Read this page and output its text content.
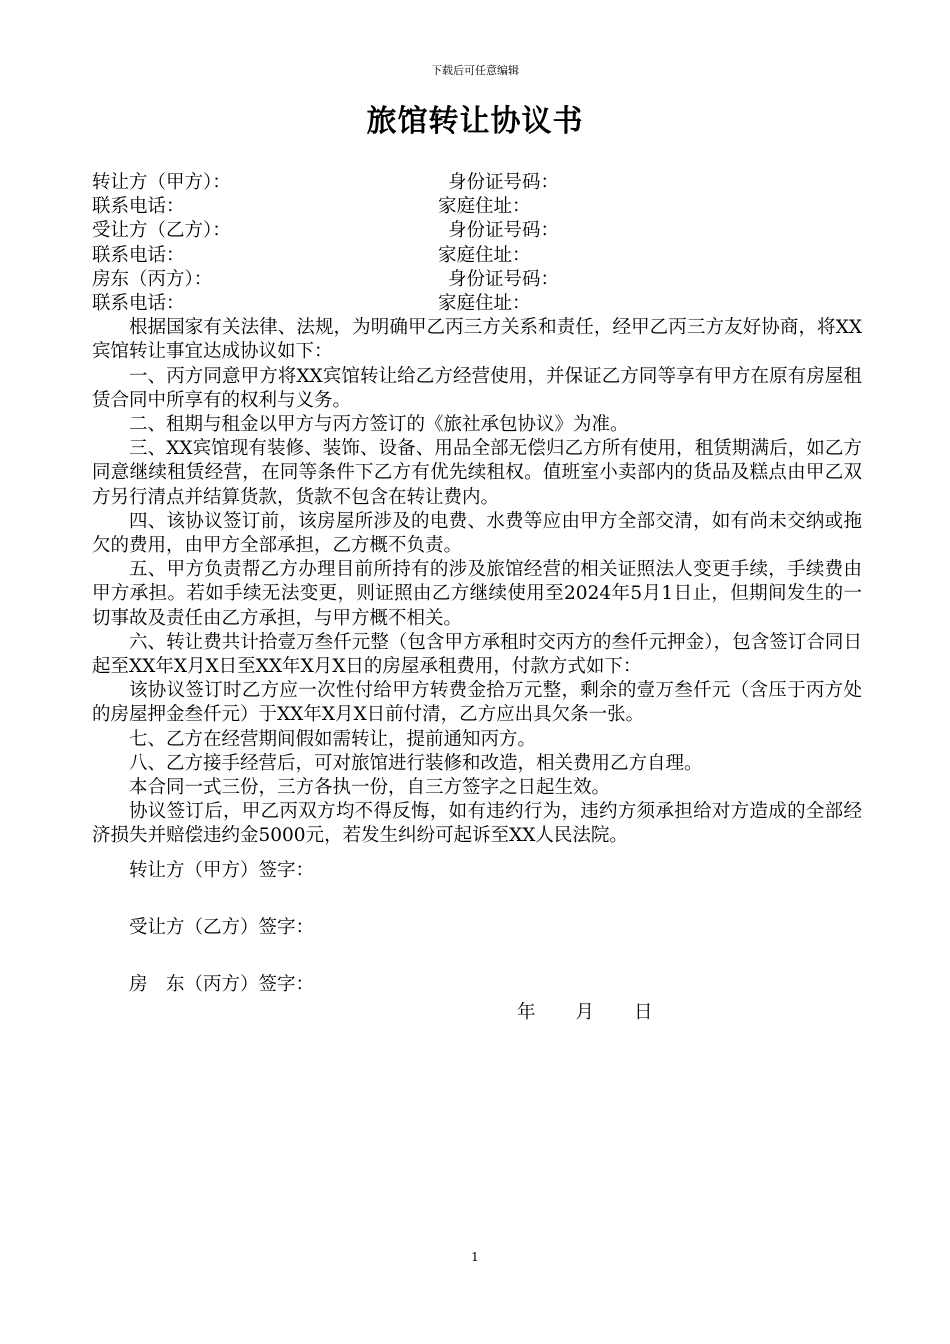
下载后可任意编辑
旅馆转让协议书
转让方（甲方）：	身份证号码：
联系电话：	家庭住址：
受让方（乙方）：	身份证号码：
联系电话：	家庭住址：
房东（丙方）：	身份证号码：
联系电话：	家庭住址：

根据国家有关法律、法规，为明确甲乙丙三方关系和责任，经甲乙丙三方友好协商，将XX宾馆转让事宜达成协议如下：

一、丙方同意甲方将XX宾馆转让给乙方经营使用，并保证乙方同等享有甲方在原有房屋租赁合同中所享有的权利与义务。

二、租期与租金以甲方与丙方签订的《旅社承包协议》为准。

三、XX宾馆现有装修、装饰、设备、用品全部无偿归乙方所有使用，租赁期满后，如乙方同意继续租赁经营，在同等条件下乙方有优先续租权。值班室小卖部内的货品及糕点由甲乙双方另行清点并结算货款，货款不包含在转让费内。

四、该协议签订前，该房屋所涉及的电费、水费等应由甲方全部交清，如有尚未交纳或拖欠的费用，由甲方全部承担，乙方概不负责。

五、甲方负责帮乙方办理目前所持有的涉及旅馆经营的相关证照法人变更手续，手续费由甲方承担。若如手续无法变更，则证照由乙方继续使用至2024年5月1日止，但期间发生的一切事故及责任由乙方承担，与甲方概不相关。

六、转让费共计拾壹万叁仟元整（包含甲方承租时交丙方的叁仟元押金），包含签订合同日起至XX年X月X日至XX年X月X日的房屋承租费用，付款方式如下：

该协议签订时乙方应一次性付给甲方转费金拾万元整，剩余的壹万叁仟元（含压于丙方处的房屋押金叁仟元）于XX年X月X日前付清，乙方应出具欠条一张。

七、乙方在经营期间假如需转让，提前通知丙方。

八、乙方接手经营后，可对旅馆进行装修和改造，相关费用乙方自理。

本合同一式三份，三方各执一份，自三方签字之日起生效。

协议签订后，甲乙丙双方均不得反悔，如有违约行为，违约方须承担给对方造成的全部经济损失并赔偿违约金5000元，若发生纠纷可起诉至XX人民法院。

转让方（甲方）签字：
受让方（乙方）签字：
房　东（丙方）签字：
年　　月　　日
1
